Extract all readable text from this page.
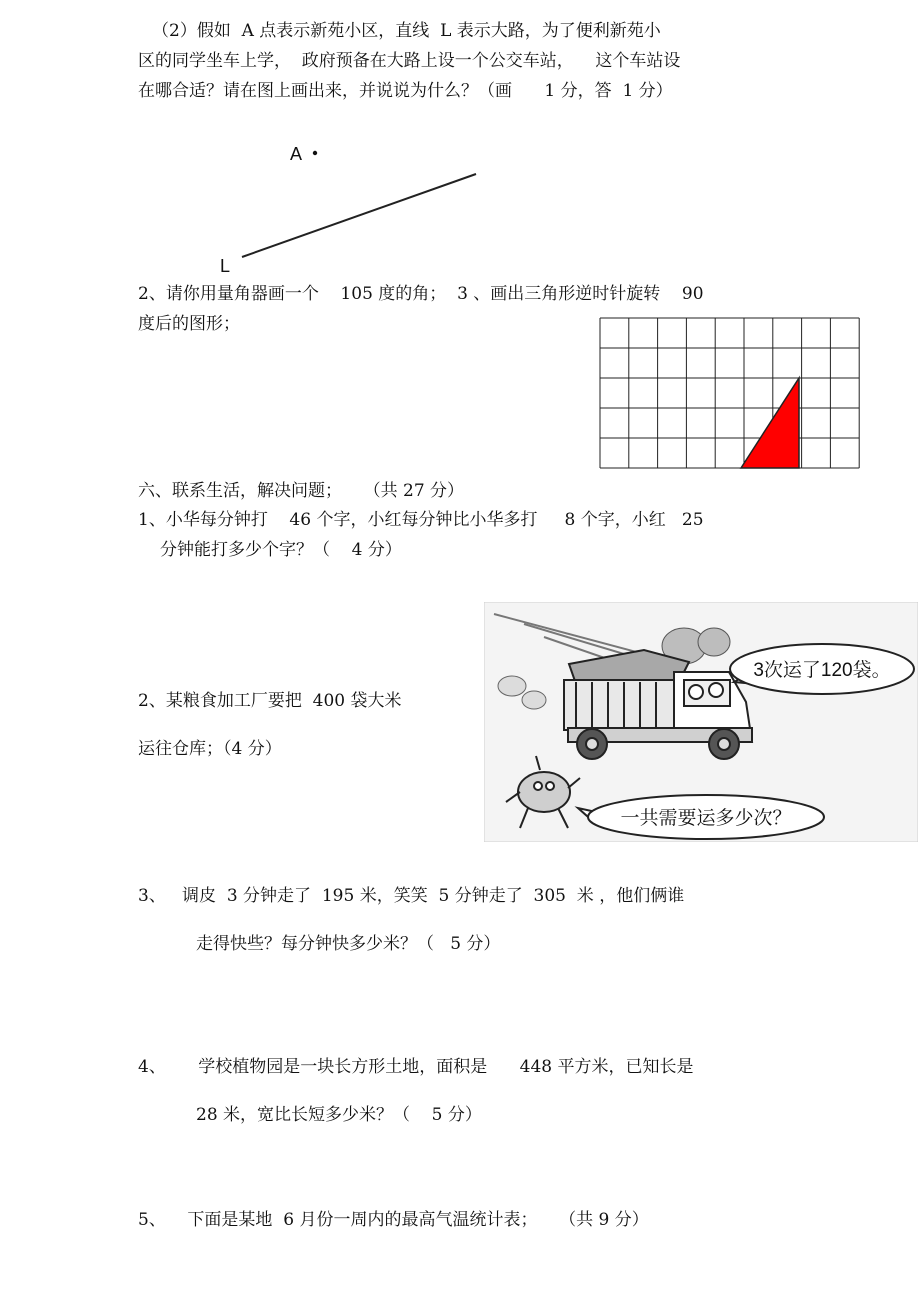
（2）假如  A 点表示新苑小区，直线  L 表示大路，为了便利新苑小
区的同学坐车上学，  政府预备在大路上设一个公交车站，    这个车站设
在哪合适？请在图上画出来，并说说为什么？（画      1 分，答  1 分）
A
L
2、请你用量角器画一个    105 度的角；  3 、画出三角形逆时针旋转    90
度后的图形；
六、联系生活，解决问题；    （共 27 分）
1、小华每分钟打    46 个字，小红每分钟比小华多打     8 个字，小红   25
分钟能打多少个字？（    4 分）
2、某粮食加工厂要把  400 袋大米
运往仓库；（4 分）
3次运了120袋。
一共需要运多少次？
3、   调皮  3 分钟走了  195 米，笑笑  5 分钟走了  305  米 ，他们俩谁
走得快些？每分钟快多少米？（   5 分）
4、      学校植物园是一块长方形土地，面积是      448 平方米，已知长是
28 米，宽比长短多少米？（    5 分）
5、    下面是某地  6 月份一周内的最高气温统计表；    （共 9 分）
